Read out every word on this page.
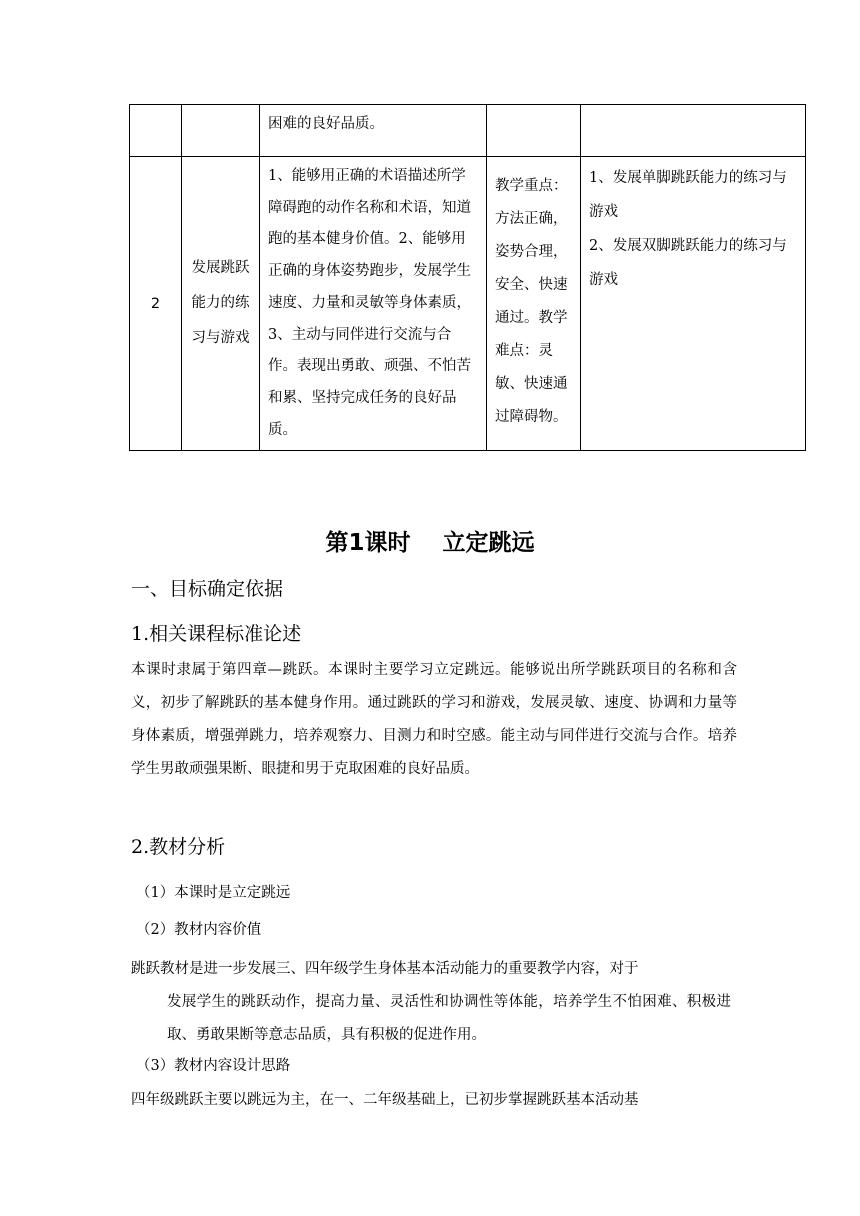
		困难的良好品质。		
2	发展跳跃能力的练习与游戏	1、能够用正确的术语描述所学障碍跑的动作名称和术语，知道跑的基本健身价值。2、能够用正确的身体姿势跑步，发展学生速度、力量和灵敏等身体素质，3、主动与同伴进行交流与合作。表现出勇敢、顽强、不怕苦和累、坚持完成任务的良好品质。	教学重点：方法正确，姿势合理，安全、快速通过。教学难点：灵敏、快速通过障碍物。	1、发展单脚跳跃能力的练习与游戏
2、发展双脚跳跃能力的练习与游戏
第1课时    立定跳远
一、目标确定依据
1.相关课程标准论述
本课时隶属于第四章—跳跃。本课时主要学习立定跳远。能够说出所学跳跃项目的名称和含义，初步了解跳跃的基本健身作用。通过跳跃的学习和游戏，发展灵敏、速度、协调和力量等身体素质，增强弹跳力，培养观察力、目测力和时空感。能主动与同伴进行交流与合作。培养学生男敢顽强果断、眼捷和男于克取困难的良好品质。
2.教材分析
（1）本课时是立定跳远
（2）教材内容价值
跳跃教材是进一步发展三、四年级学生身体基本活动能力的重要教学内容，对于
发展学生的跳跃动作，提高力量、灵活性和协调性等体能，培养学生不怕困难、积极进取、勇敢果断等意志品质，具有积极的促进作用。
（3）教材内容设计思路
四年级跳跃主要以跳远为主，在一、二年级基础上，已初步掌握跳跃基本活动基
